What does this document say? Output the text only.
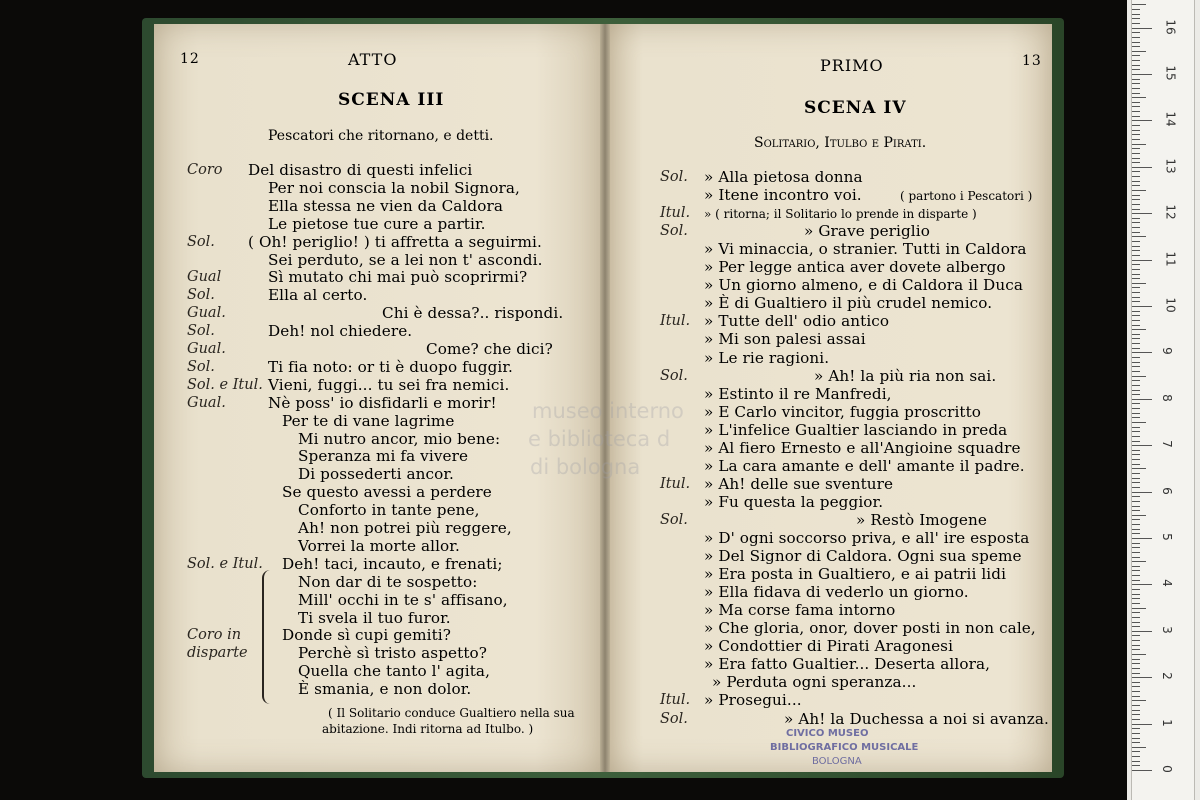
12	ATTO
SCENA III
Pescatori che ritornano, e detti.
Coro Del disastro di questi infelici
Per noi conscia la nobil Signora,
Ella stessa ne vien da Caldora
Le pietose tue cure a partir.
Sol. ( Oh! periglio! ) ti affretta a seguirmi.
Sei perduto, se a lei non t' ascondi.
Gual	Sì mutato chi mai può scoprirmi?
Sol.	Ella al certo.
Gual.	Chi è dessa?.. rispondi.
Sol.	Deh! nol chiedere.
Gual.	Come? che dici?
Sol.	Ti fia noto: or ti è duopo fuggir.
Sol. e Itul. Vieni, fuggi... tu sei fra nemici.
Gual.	Nè poss' io disfidarli e morir!
Per te di vane lagrime
Mi nutro ancor, mio bene:
Speranza mi fa vivere
Di possederti ancor.
Se questo avessi a perdere
Conforto in tante pene,
Ah! non potrei più reggere,
Vorrei la morte allor.
Sol. e Itul. Deh! taci, incauto, e frenati;
Non dar di te sospetto:
Mill' occhi in te s' affisano,
Ti svela il tuo furor.
Coro in	Donde sì cupi gemiti?
disparte	Perchè sì tristo aspetto?
Quella che tanto l' agita,
È smania, e non dolor.
( Il Solitario conduce Gualtiero nella sua
abitazione. Indi ritorna ad Itulbo. )
PRIMO	13
SCENA IV
Solitario, Itulbo e Pirati.
Sol. » Alla pietosa donna
» Itene incontro voi.
Itul. » ( ritorna; il Solitario lo prende in disparte )
Sol.	» Grave periglio
» Vi minaccia, o stranier. Tutti in Caldora
» Per legge antica aver dovete albergo
» Un giorno almeno, e di Caldora il Duca
» È di Gualtiero il più crudel nemico.
Itul. » Tutte dell' odio antico
» Mi son palesi assai
» Le rie ragioni.
Sol.	» Ah! la più ria non sai.
» Estinto il re Manfredi,
» E Carlo vincitor, fuggia proscritto
» L'infelice Gualtier lasciando in preda
» Al fiero Ernesto e all'Angioine squadre
» La cara amante e dell' amante il padre.
Itul. » Ah! delle sue sventure
» Fu questa la peggior.
Sol.	» Restò Imogene
» D' ogni soccorso priva, e all' ire esposta
» Del Signor di Caldora. Ogni sua speme
» Era posta in Gualtiero, e ai patrii lidi
» Ella fidava di vederlo un giorno.
» Ma corse fama intorno
» Che gloria, onor, dover posti in non cale,
» Condottier di Pirati Aragonesi
» Era fatto Gualtier... Deserta allora,
» Perduta ogni speranza...
Itul. » Prosegui...
Sol.	» Ah! la Duchessa a noi si avanza.
( partono i Pescatori )
museo interno
e biblioteca d
di bologna
CIVICO MUSEO
BIBLIOGRAFICO MUSICALE
BOLOGNA
0
1
2
3
4
5
6
7
8
9
10
11
12
13
14
15
16
